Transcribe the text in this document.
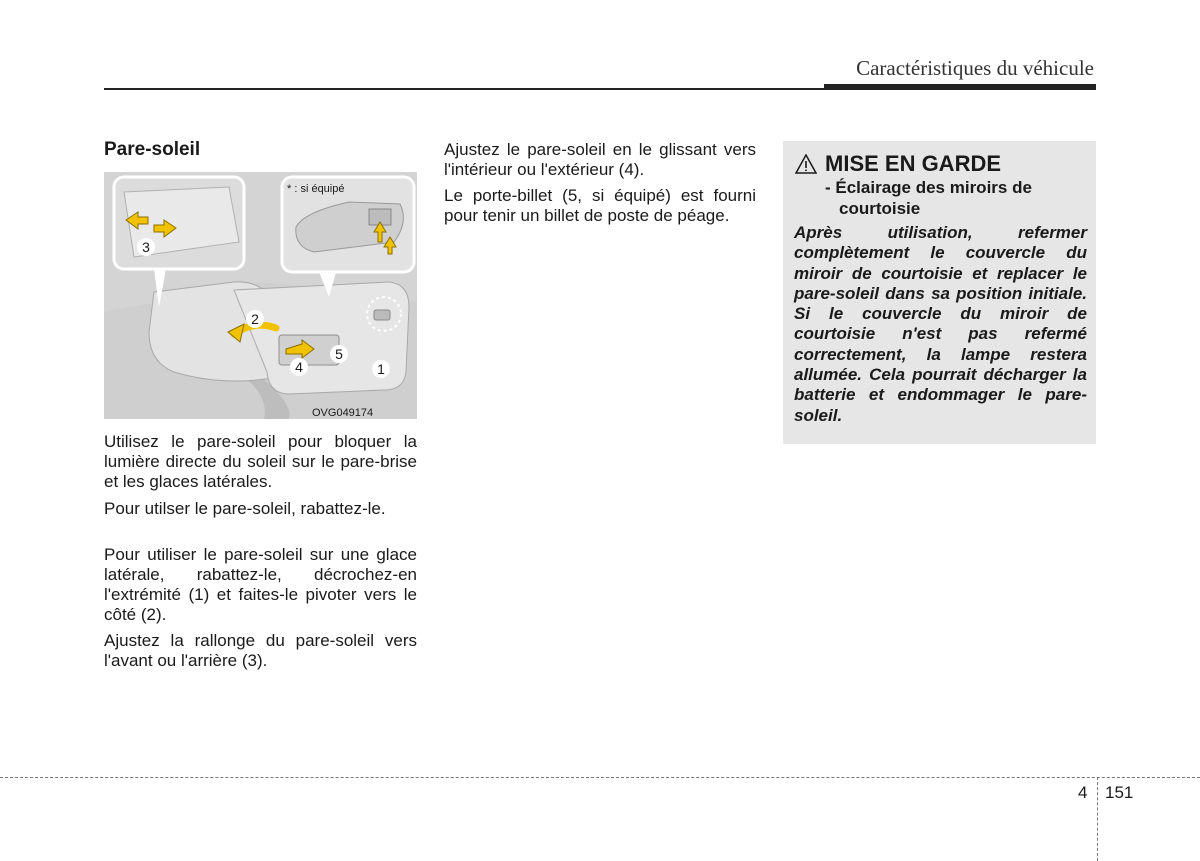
Caractéristiques du véhicule
Pare-soleil
* : si équipé
OVG049174
1
2
3
4
5

Utilisez le pare-soleil pour bloquer la lumière directe du soleil sur le pare-brise et les glaces latérales.

Pour utilser le pare-soleil, rabattez-le.

Pour utiliser le pare-soleil sur une glace latérale, rabattez-le, décrochez-en l'extrémité (1) et faites-le pivoter vers le côté (2).

Ajustez la rallonge du pare-soleil vers l'avant ou l'arrière (3).

Ajustez le pare-soleil en le glissant vers l'intérieur ou l'extérieur (4).

Le porte-billet (5, si équipé) est fourni pour tenir un billet de poste de péage.

MISE EN GARDE
- Éclairage des miroirs de
courtoisie

Après utilisation, refermer complètement le couvercle du miroir de courtoisie et replacer le pare-soleil dans sa position initiale. Si le couvercle du miroir de courtoisie n'est pas refermé correctement, la lampe restera allumée. Cela pourrait décharger la batterie et endommager le pare-soleil.

4 151
